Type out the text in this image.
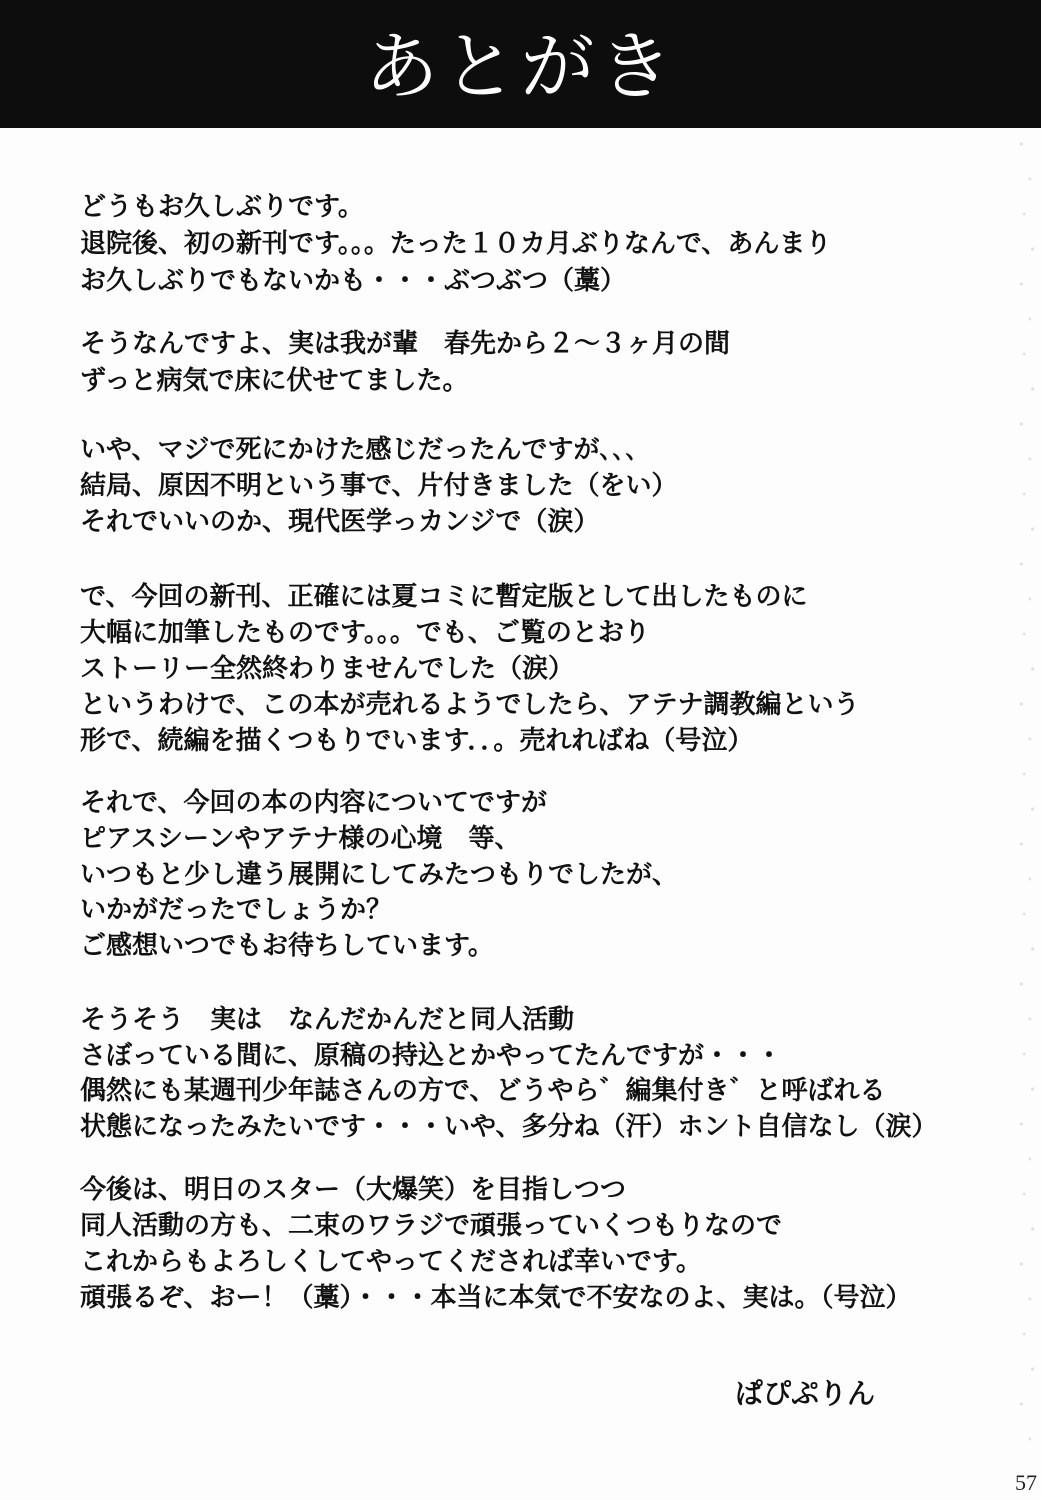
あとがき
どうもお久しぶりです。
退院後、初の新刊です。。。たった１０カ月ぶりなんで、あんまり
お久しぶりでもないかも・・・ぶつぶつ（藁）
そうなんですよ、実は我が輩　春先から２～３ヶ月の間
ずっと病気で床に伏せてました。
いや、マジで死にかけた感じだったんですが､､､
結局、原因不明という事で、片付きました（をい）
それでいいのか、現代医学っカンジで（涙）
で、今回の新刊、正確には夏コミに暫定版として出したものに
大幅に加筆したものです。。。でも、ご覧のとおり
ストーリー全然終わりませんでした（涙）
というわけで、この本が売れるようでしたら、アテナ調教編という
形で、続編を描くつもりでいます．．。売れればね（号泣）
それで、今回の本の内容についてですが
ピアスシーンやアテナ様の心境　等、
いつもと少し違う展開にしてみたつもりでしたが、
いかがだったでしょうか？
ご感想いつでもお待ちしています。
そうそう　実は　なんだかんだと同人活動
さぼっている間に、原稿の持込とかやってたんですが・・・
偶然にも某週刊少年誌さんの方で、どうやら゛編集付き゛と呼ばれる
状態になったみたいです・・・いや、多分ね（汗）ホント自信なし（涙）
今後は、明日のスター（大爆笑）を目指しつつ
同人活動の方も、二束のワラジで頑張っていくつもりなので
これからもよろしくしてやってくだされば幸いです。
頑張るぞ、おー！（藁）・・・本当に本気で不安なのよ、実は。（号泣）
ぱぴぷりん
57
